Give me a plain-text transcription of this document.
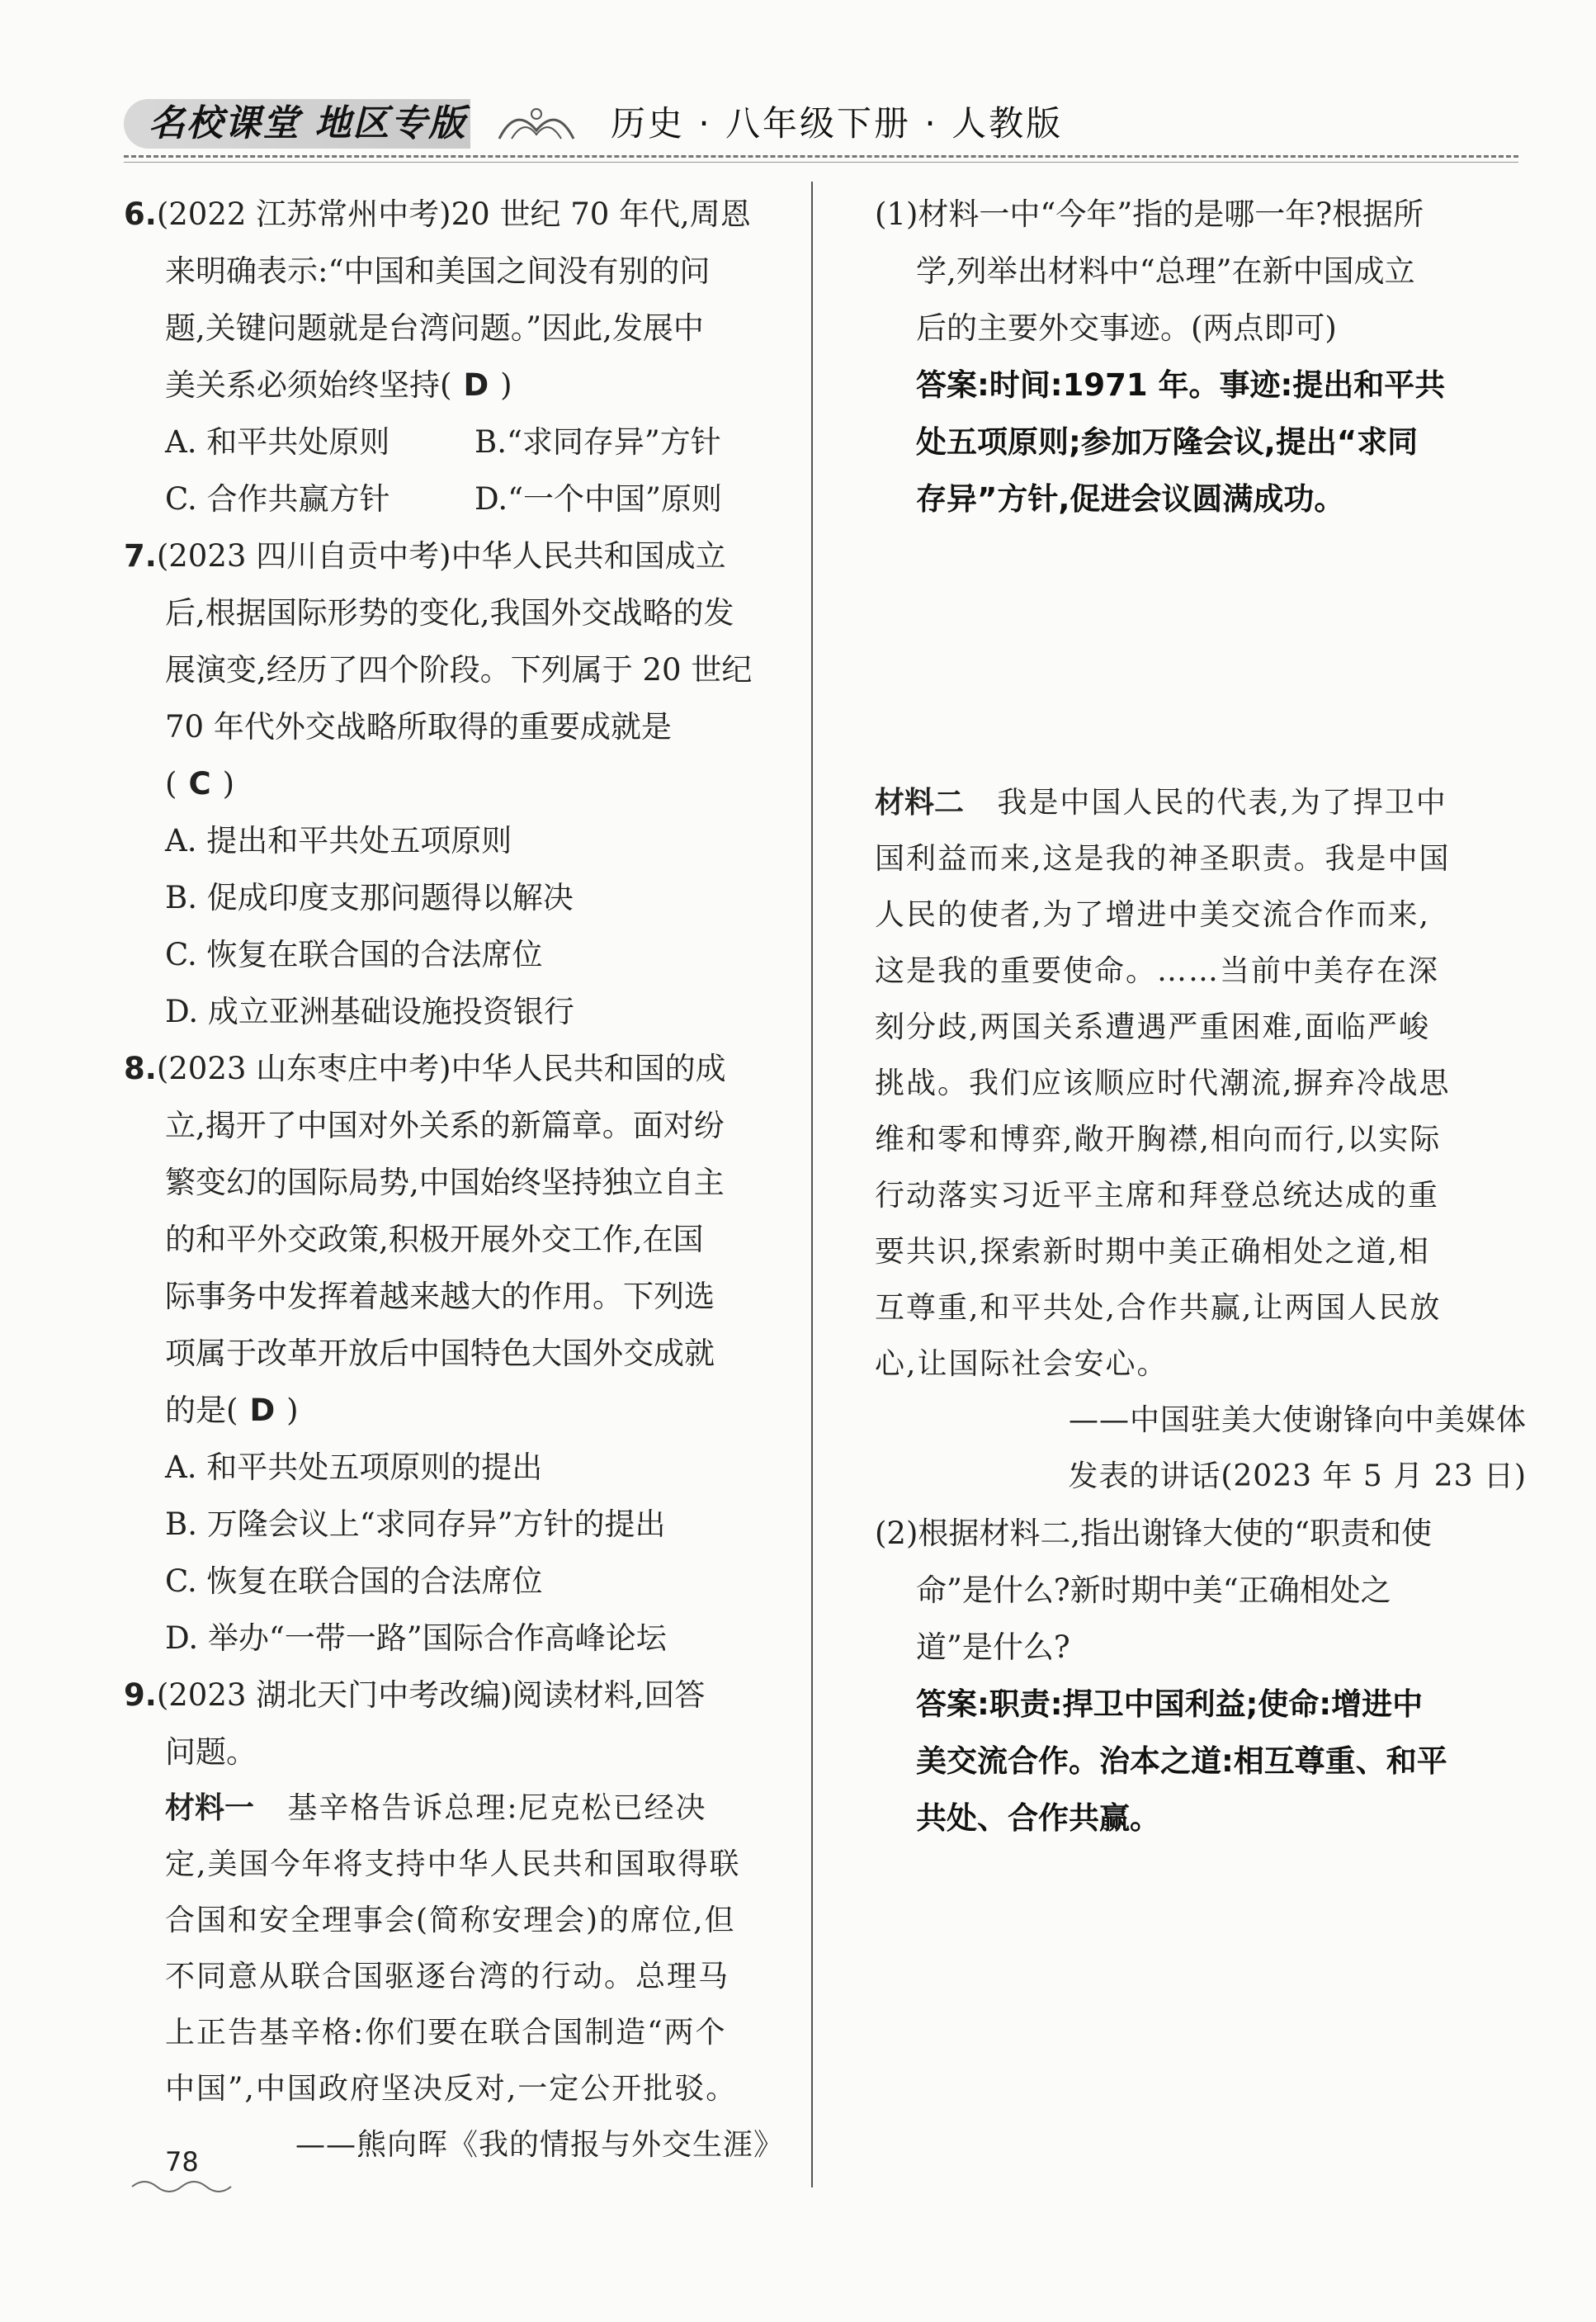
名校课堂 地区专版	历史 · 八年级下册 · 人教版
6.(2022 江苏常州中考)20 世纪 70 年代,周恩
来明确表示:“中国和美国之间没有别的问
题,关键问题就是台湾问题。”因此,发展中
美关系必须始终坚持( D )
A. 和平共处原则	B.“求同存异”方针
C. 合作共赢方针	D.“一个中国”原则
7.(2023 四川自贡中考)中华人民共和国成立
后,根据国际形势的变化,我国外交战略的发
展演变,经历了四个阶段。下列属于 20 世纪
70 年代外交战略所取得的重要成就是
( C )
A. 提出和平共处五项原则
B. 促成印度支那问题得以解决
C. 恢复在联合国的合法席位
D. 成立亚洲基础设施投资银行
8.(2023 山东枣庄中考)中华人民共和国的成
立,揭开了中国对外关系的新篇章。面对纷
繁变幻的国际局势,中国始终坚持独立自主
的和平外交政策,积极开展外交工作,在国
际事务中发挥着越来越大的作用。下列选
项属于改革开放后中国特色大国外交成就
的是( D )
A. 和平共处五项原则的提出
B. 万隆会议上“求同存异”方针的提出
C. 恢复在联合国的合法席位
D. 举办“一带一路”国际合作高峰论坛
9.(2023 湖北天门中考改编)阅读材料,回答
问题。
材料一 基辛格告诉总理:尼克松已经决
定,美国今年将支持中华人民共和国取得联
合国和安全理事会(简称安理会)的席位,但
不同意从联合国驱逐台湾的行动。总理马
上正告基辛格:你们要在联合国制造“两个
中国”,中国政府坚决反对,一定公开批驳。
——熊向晖《我的情报与外交生涯》
(1)材料一中“今年”指的是哪一年?根据所
学,列举出材料中“总理”在新中国成立
后的主要外交事迹。(两点即可)
答案:时间:1971 年。事迹:提出和平共
处五项原则;参加万隆会议,提出“求同
存异”方针,促进会议圆满成功。
材料二 我是中国人民的代表,为了捍卫中
国利益而来,这是我的神圣职责。我是中国
人民的使者,为了增进中美交流合作而来,
这是我的重要使命。……当前中美存在深
刻分歧,两国关系遭遇严重困难,面临严峻
挑战。我们应该顺应时代潮流,摒弃冷战思
维和零和博弈,敞开胸襟,相向而行,以实际
行动落实习近平主席和拜登总统达成的重
要共识,探索新时期中美正确相处之道,相
互尊重,和平共处,合作共赢,让两国人民放
心,让国际社会安心。
——中国驻美大使谢锋向中美媒体
发表的讲话(2023 年 5 月 23 日)
(2)根据材料二,指出谢锋大使的“职责和使
命”是什么?新时期中美“正确相处之
道”是什么?
答案:职责:捍卫中国利益;使命:增进中
美交流合作。治本之道:相互尊重、和平
共处、合作共赢。
78
